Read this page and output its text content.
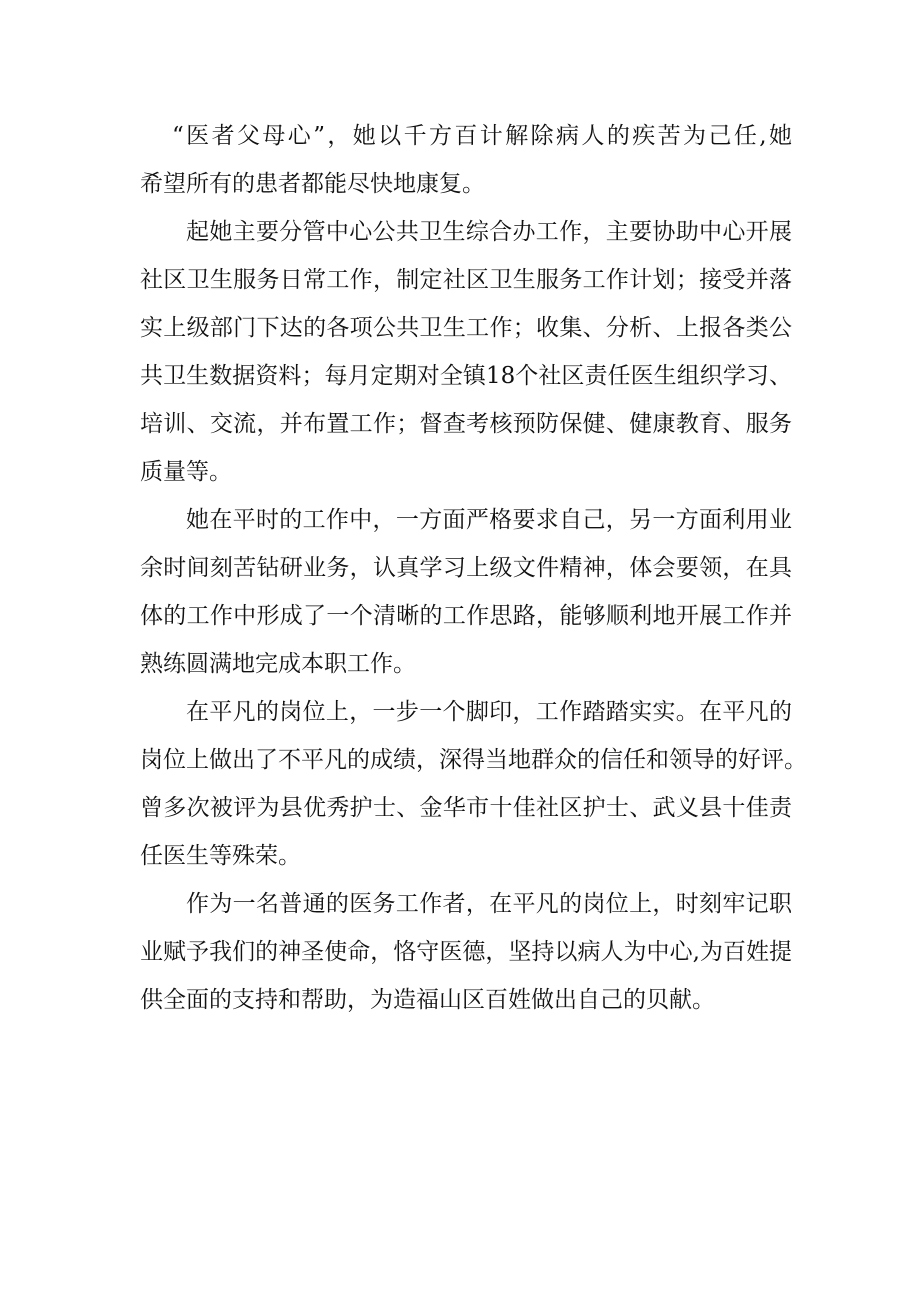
“医者父母心”，她以千方百计解除病人的疾苦为己任,她
希望所有的患者都能尽快地康复。
起她主要分管中心公共卫生综合办工作，主要协助中心开展
社区卫生服务日常工作，制定社区卫生服务工作计划；接受并落
实上级部门下达的各项公共卫生工作；收集、分析、上报各类公
共卫生数据资料；每月定期对全镇18个社区责任医生组织学习、
培训、交流，并布置工作；督查考核预防保健、健康教育、服务
质量等。
她在平时的工作中，一方面严格要求自己，另一方面利用业
余时间刻苦钻研业务，认真学习上级文件精神，体会要领，在具
体的工作中形成了一个清晰的工作思路，能够顺利地开展工作并
熟练圆满地完成本职工作。
在平凡的岗位上，一步一个脚印，工作踏踏实实。在平凡的
岗位上做出了不平凡的成绩，深得当地群众的信任和领导的好评。
曾多次被评为县优秀护士、金华市十佳社区护士、武义县十佳责
任医生等殊荣。
作为一名普通的医务工作者，在平凡的岗位上，时刻牢记职
业赋予我们的神圣使命，恪守医德，坚持以病人为中心,为百姓提
供全面的支持和帮助，为造福山区百姓做出自己的贝献。
